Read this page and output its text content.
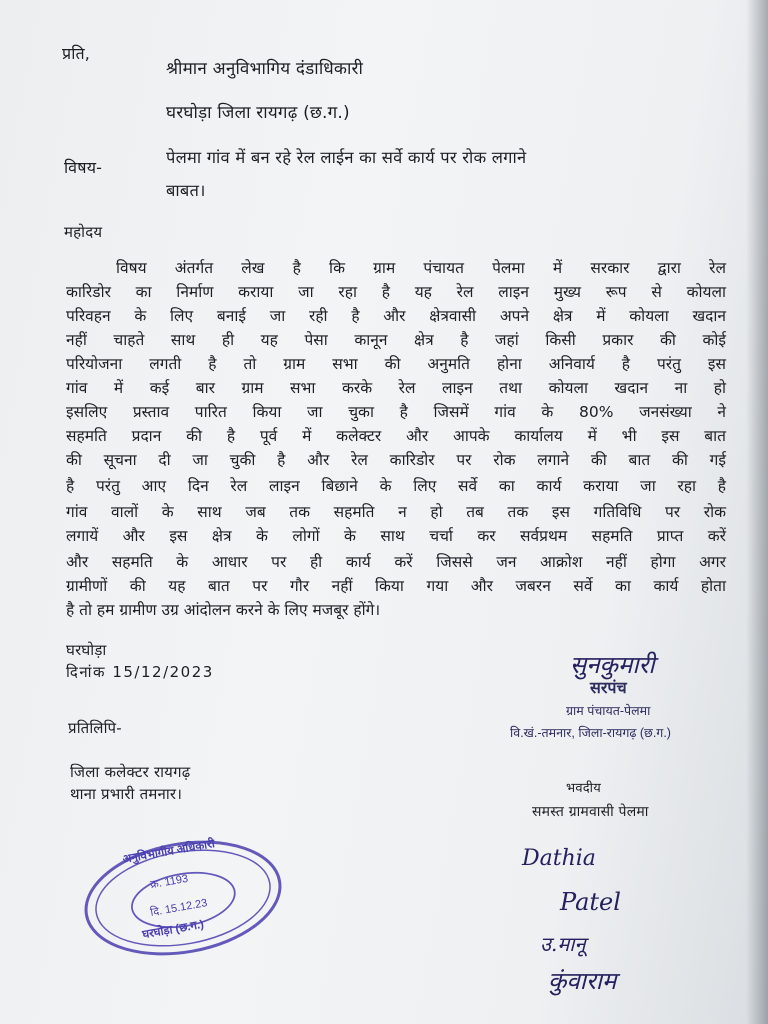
प्रति,
श्रीमान अनुविभागिय दंडाधिकारी
घरघोड़ा जिला रायगढ़ (छ.ग.)
विषय-
पेलमा गांव में बन रहे रेल लाईन का सर्वे कार्य पर रोक लगाने
बाबत।
महोदय
विषय अंतर्गत लेख है कि ग्राम पंचायत पेलमा में सरकार द्वारा रेल
कारिडोर का निर्माण कराया जा रहा है यह रेल लाइन मुख्य रूप से कोयला
परिवहन के लिए बनाई जा रही है और क्षेत्रवासी अपने क्षेत्र में कोयला खदान
नहीं चाहते साथ ही यह पेसा कानून क्षेत्र है जहां किसी प्रकार की कोई
परियोजना लगती है तो ग्राम सभा की अनुमति होना अनिवार्य है परंतु इस
गांव में कई बार ग्राम सभा करके रेल लाइन तथा कोयला खदान ना हो
इसलिए प्रस्ताव पारित किया जा चुका है जिसमें गांव के 80% जनसंख्या ने
सहमति प्रदान की है पूर्व में कलेक्टर और आपके कार्यालय में भी इस बात
की सूचना दी जा चुकी है और रेल कारिडोर पर रोक लगाने की बात की गई
है परंतु आए दिन रेल लाइन बिछाने के लिए सर्वे का कार्य कराया जा रहा है
गांव वालों के साथ जब तक सहमति न हो तब तक इस गतिविधि पर रोक
लगायें और इस क्षेत्र के लोगों के साथ चर्चा कर सर्वप्रथम सहमति प्राप्त करें
और सहमति के आधार पर ही कार्य करें जिससे जन आक्रोश नहीं होगा अगर
ग्रामीणों की यह बात पर गौर नहीं किया गया और जबरन सर्वे का कार्य होता
है तो हम ग्रामीण उग्र आंदोलन करने के लिए मजबूर होंगे।
घरघोड़ा
दिनांक 15/12/2023
प्रतिलिपि-
जिला कलेक्टर रायगढ़
थाना प्रभारी तमनार।
सुनकुमारी
सरपंच
ग्राम पंचायत-पेलमा
वि.खं.-तमनार, जिला-रायगढ़ (छ.ग.)
भवदीय
समस्त ग्रामवासी पेलमा
Dathia
Patel
उ.मानू
कुंवाराम
अनुविभागीय अधिकारी
क्र. 1193
दि. 15.12.23
घरघोड़ा (छ.ग.)
